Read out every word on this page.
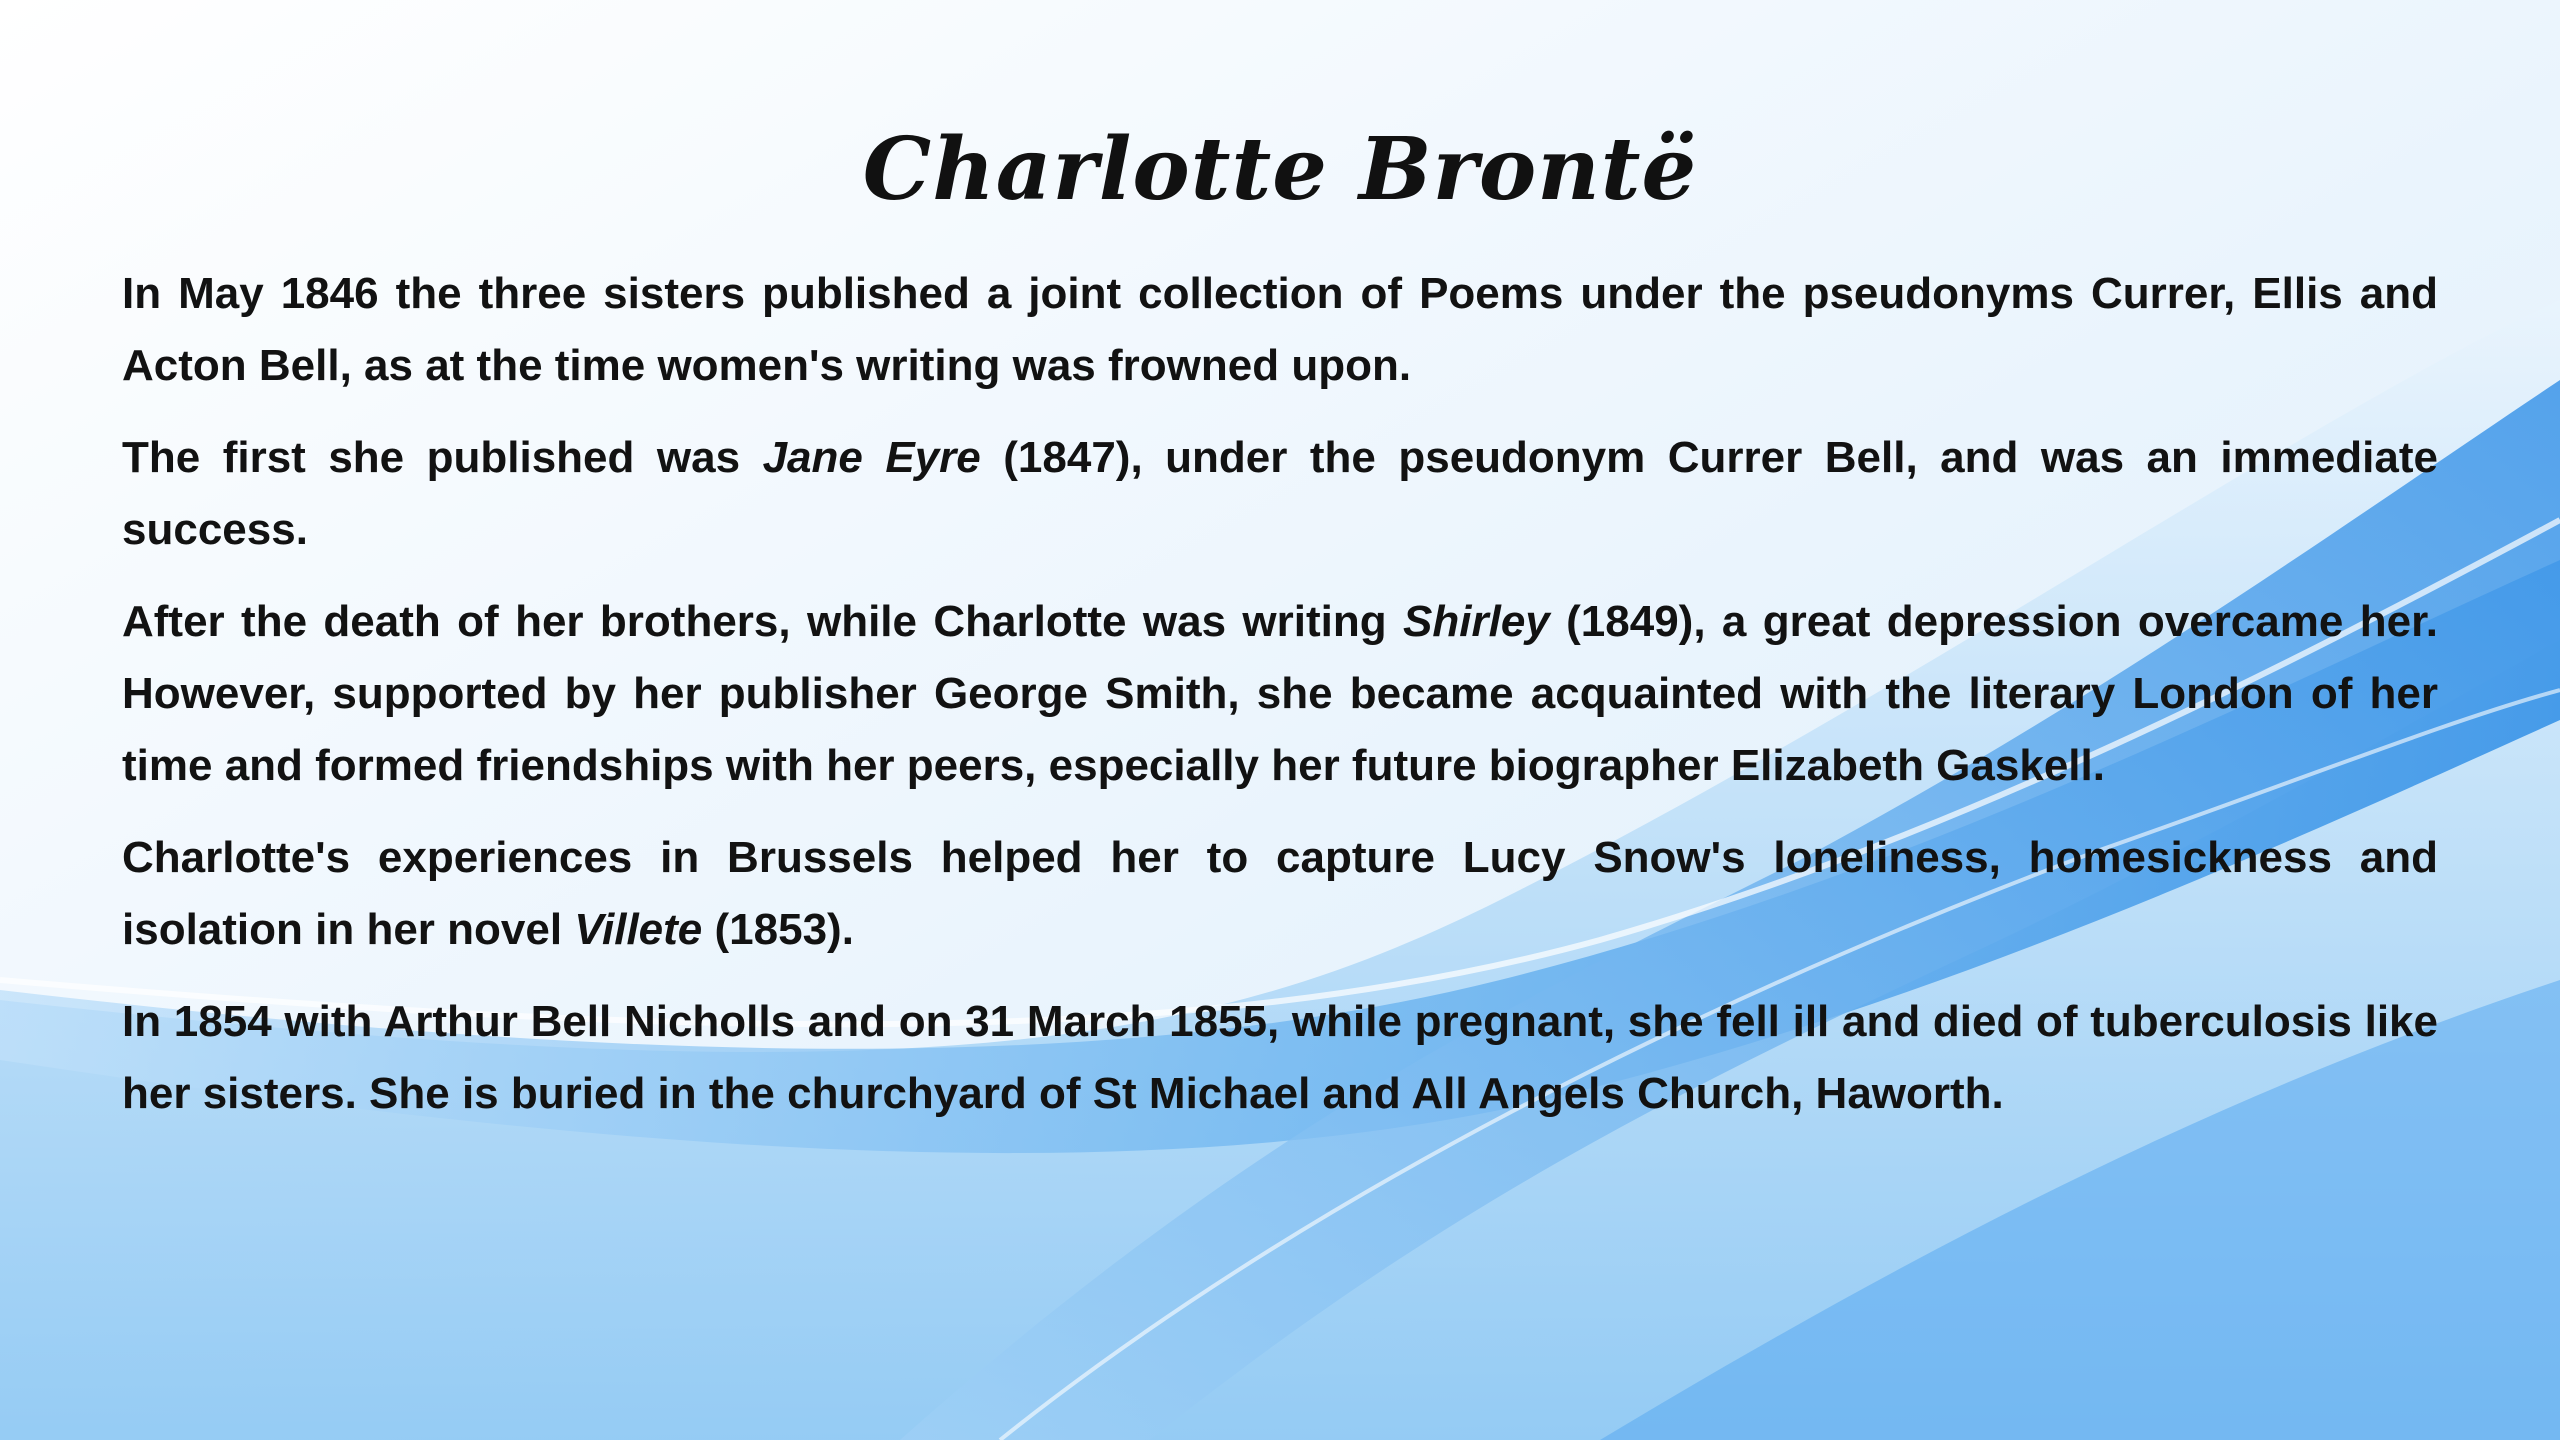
Charlotte Brontë

In May 1846 the three sisters published a joint collection of Poems under the pseudonyms Currer, Ellis and Acton Bell, as at the time women's writing was frowned upon.

The first she published was Jane Eyre (1847), under the pseudonym Currer Bell, and was an immediate success.

After the death of her brothers, while Charlotte was writing Shirley (1849), a great depression overcame her. However, supported by her publisher George Smith, she became acquainted with the literary London of her time and formed friendships with her peers, especially her future biographer Elizabeth Gaskell.

Charlotte's experiences in Brussels helped her to capture Lucy Snow's loneliness, homesickness and isolation in her novel Villete (1853).

In 1854 with Arthur Bell Nicholls and on 31 March 1855, while pregnant, she fell ill and died of tuberculosis like her sisters. She is buried in the churchyard of St Michael and All Angels Church, Haworth.
